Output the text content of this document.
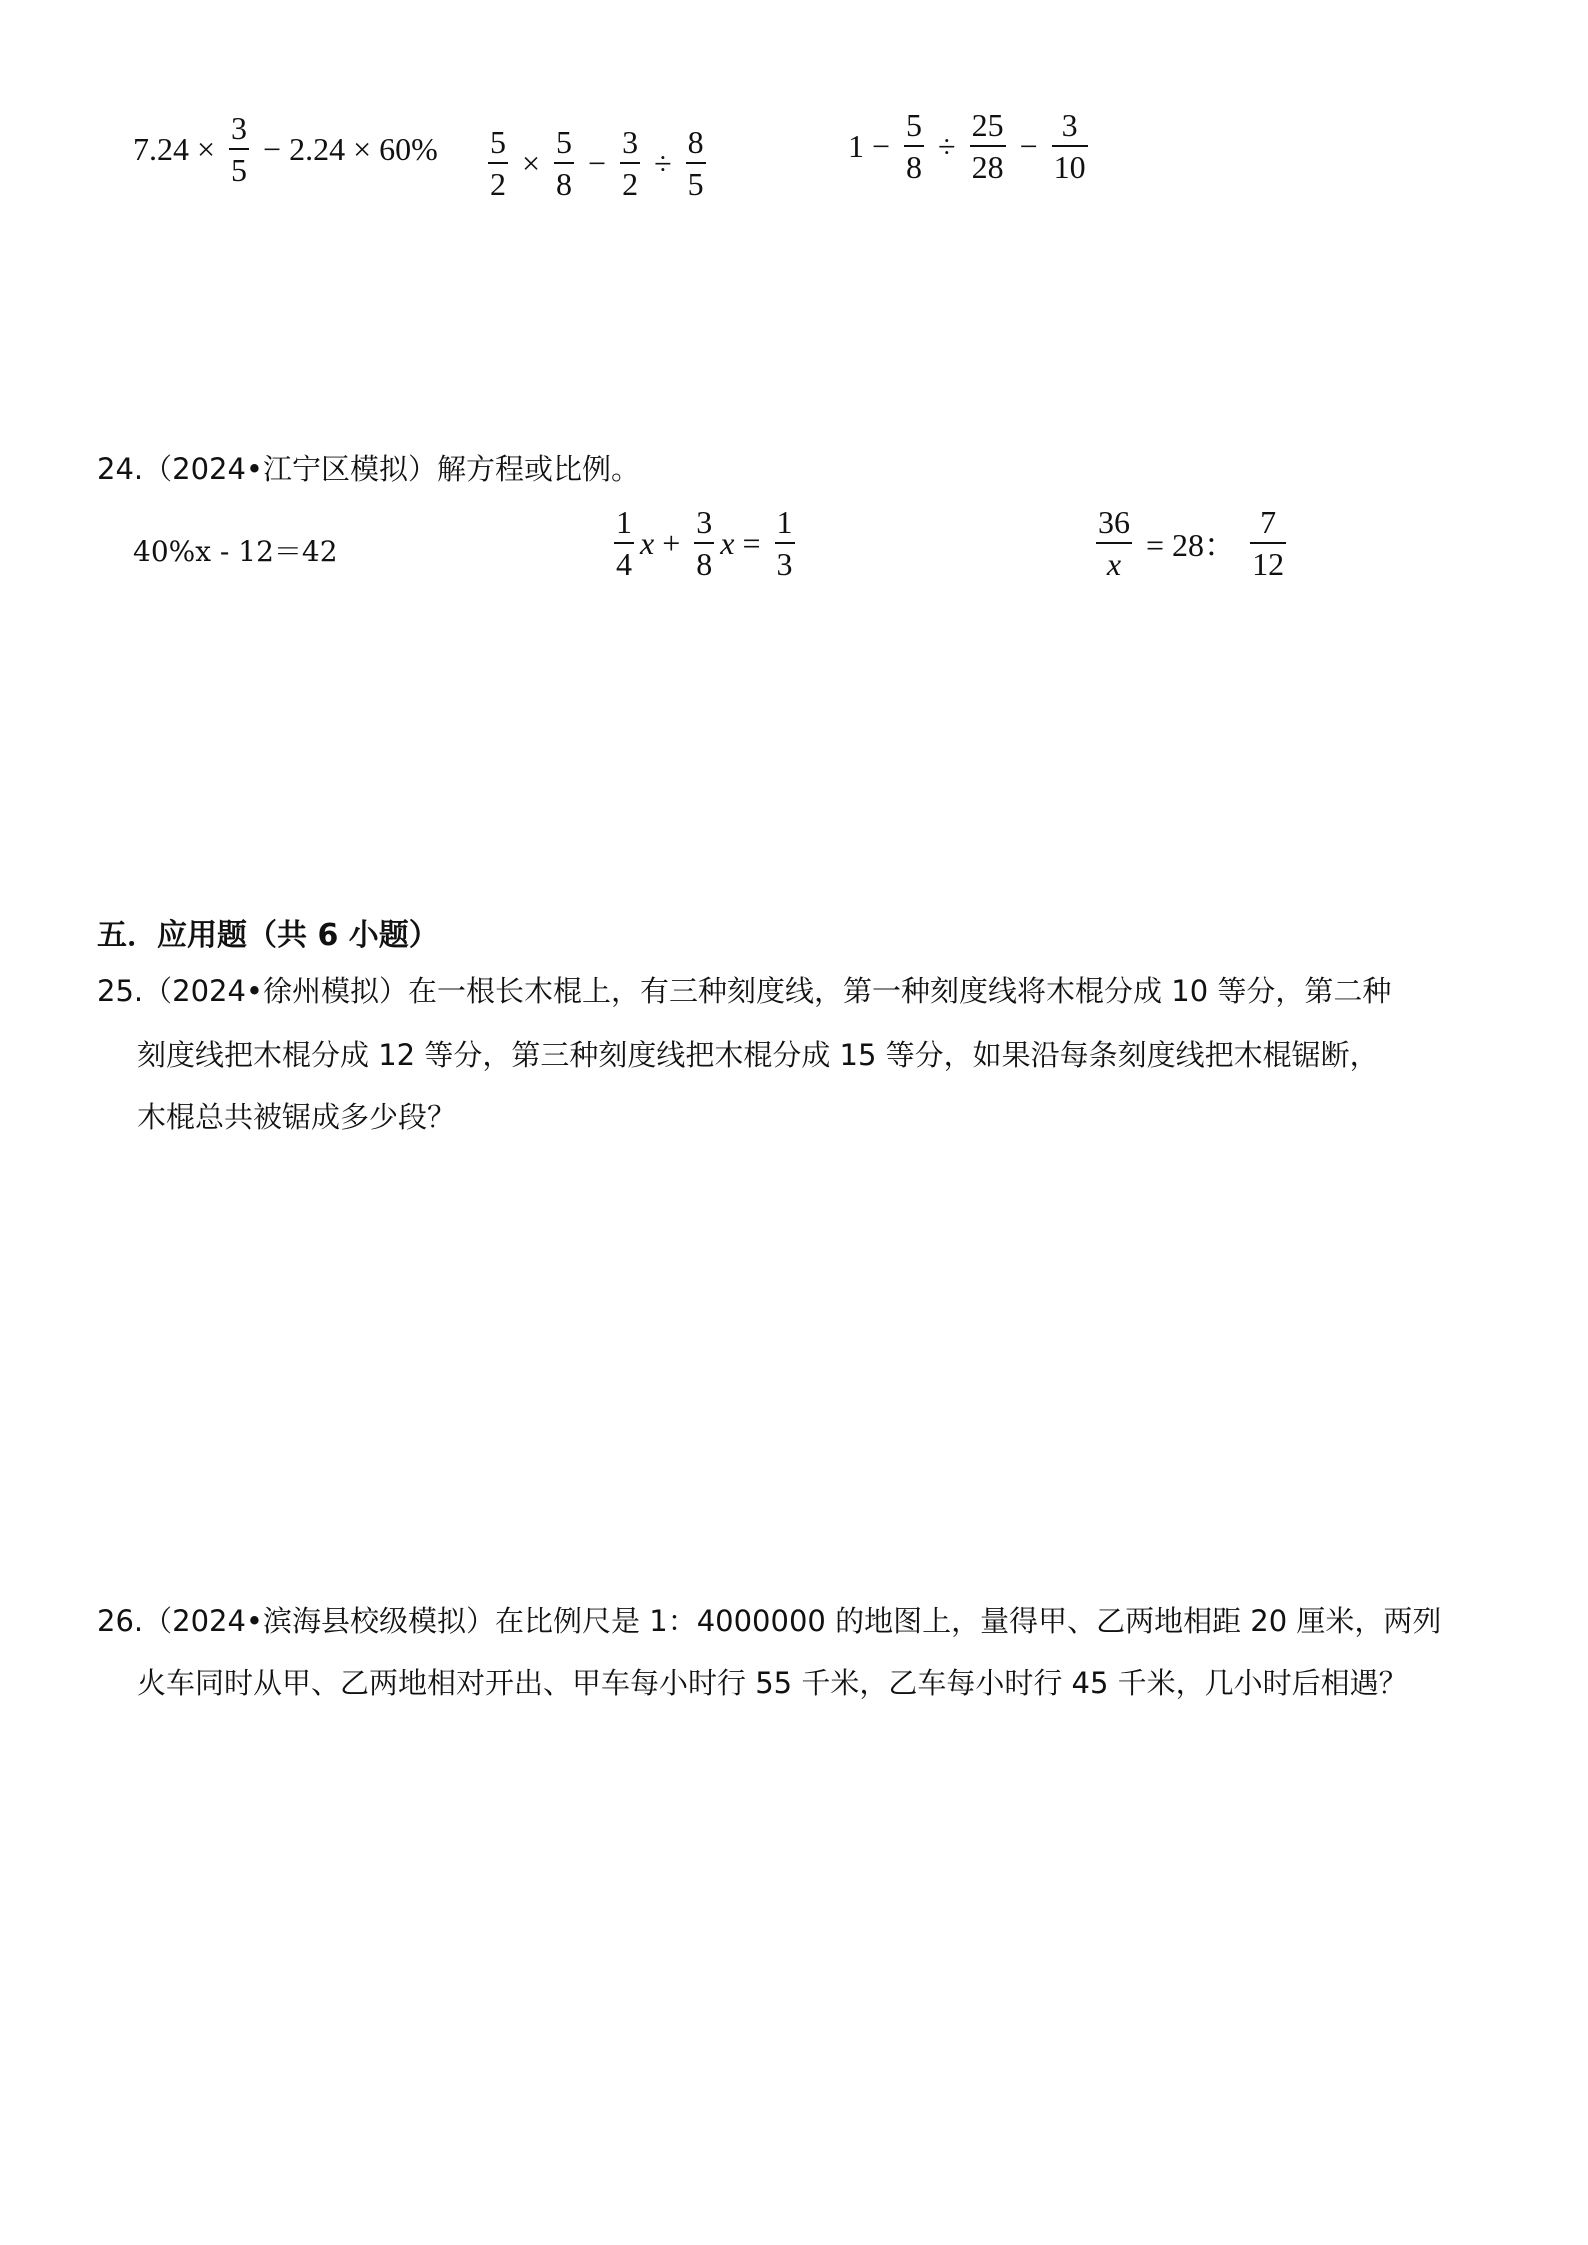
$7.24 \times \frac{3}{5} - 2.24 \times 60\% \frac{5}{2} \times \frac{5}{8} - \frac{3}{2} \div \frac{8}{5}$	$1 - \frac{5}{8} \div \frac{25}{28} - \frac{3}{10}$
24.（2024•江宁区模拟）解方程或比例。
40%x - 12＝42	$\frac{1}{4}$ $x + \frac{3}{8}$ $x = \frac{1}{3}$	$\frac{36}{x} = 28$： $\frac{7}{12}$
五．应用题（共 6 小题）
25.（2024•徐州模拟）在一根长木棍上，有三种刻度线，第一种刻度线将木棍分成 10 等分，第二种
刻度线把木棍分成 12 等分，第三种刻度线把木棍分成 15 等分，如果沿每条刻度线把木棍锯断，
木棍总共被锯成多少段？
26.（2024•滨海县校级模拟）在比例尺是 1：4000000 的地图上，量得甲、乙两地相距 20 厘米，两列
火车同时从甲、乙两地相对开出、甲车每小时行 55 千米，乙车每小时行 45 千米，几小时后相遇？
